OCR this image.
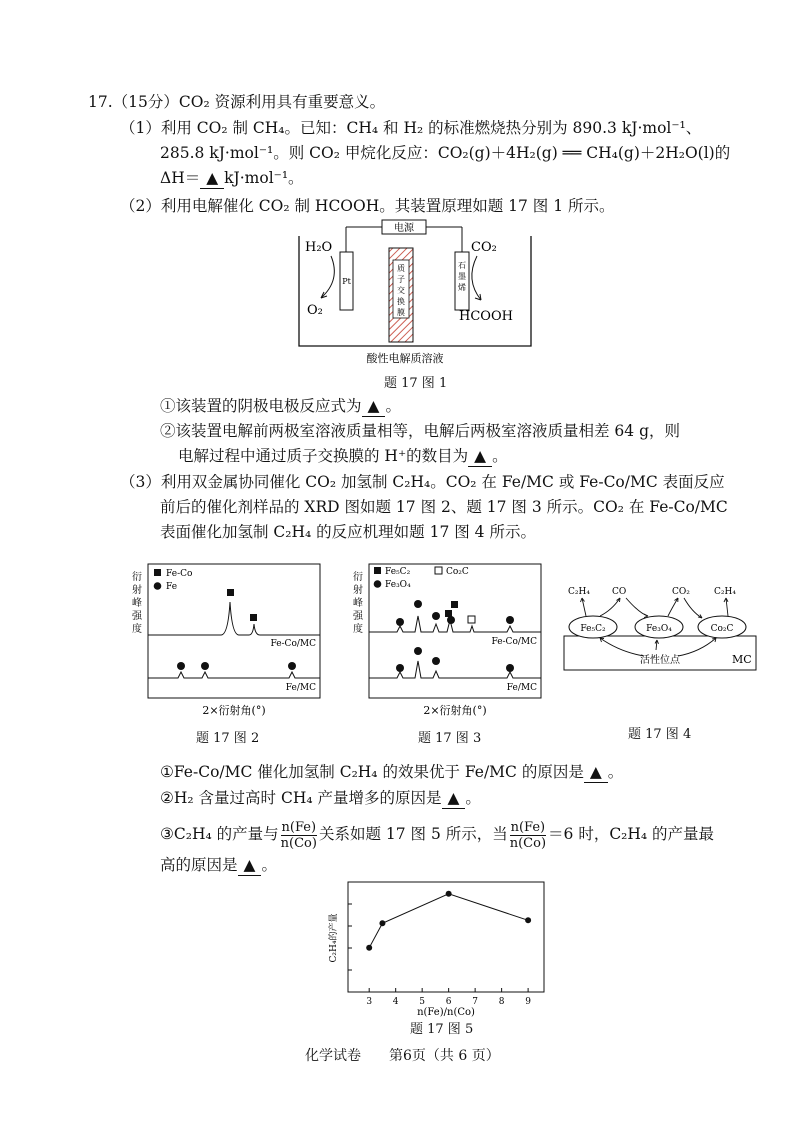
17.（15分）CO₂ 资源利用具有重要意义。
（1）利用 CO₂ 制 CH₄。已知：CH₄ 和 H₂ 的标准燃烧热分别为 890.3 kJ·mol⁻¹、
285.8 kJ·mol⁻¹。则 CO₂ 甲烷化反应：CO₂(g)＋4H₂(g) ══ CH₄(g)＋2H₂O(l)的
ΔH＝ ▲ kJ·mol⁻¹。
（2）利用电解催化 CO₂ 制 HCOOH。其装置原理如题 17 图 1 所示。
电源
Pt
石
墨
烯
质
子
交
换
膜
H₂O
O₂
CO₂
HCOOH
酸性电解质溶液
题 17 图 1
①该装置的阴极电极反应式为 ▲ 。
②该装置电解前两极室溶液质量相等，电解后两极室溶液质量相差 64 g，则
电解过程中通过质子交换膜的 H⁺的数目为 ▲ 。
（3）利用双金属协同催化 CO₂ 加氢制 C₂H₄。CO₂ 在 Fe/MC 或 Fe-Co/MC 表面反应
前后的催化剂样品的 XRD 图如题 17 图 2、题 17 图 3 所示。CO₂ 在 Fe-Co/MC
表面催化加氢制 C₂H₄ 的反应机理如题 17 图 4 所示。
衍
射
峰
强
度
Fe-Co
Fe
Fe-Co/MC
Fe/MC
2×衍射角(°)
题 17 图 2
衍
射
峰
强
度
Fe₅C₂	Co₂C
Fe₃O₄
Fe-Co/MC
Fe/MC
2×衍射角(°)
题 17 图 3
C₂H₄ CO	CO₂	C₂H₄
Fe₅C₂	Fe₃O₄	Co₂C
活性位点	MC
题 17 图 4
①Fe-Co/MC 催化加氢制 C₂H₄ 的效果优于 Fe/MC 的原因是 ▲ 。
②H₂ 含量过高时 CH₄ 产量增多的原因是 ▲ 。
③C₂H₄ 的产量与 $\frac{n(Fe)}{n(Co)}$ 关系如题 17 图 5 所示，当 $\frac{n(Fe)}{n(Co)} =6$ 时，C₂H₄ 的产量最
高的原因是 ▲ 。
3 4 5 6 7 8 9
C₂H₄的产量
n(Fe)/n(Co)
题 17 图 5
化学试卷　　第6页（共 6 页）
